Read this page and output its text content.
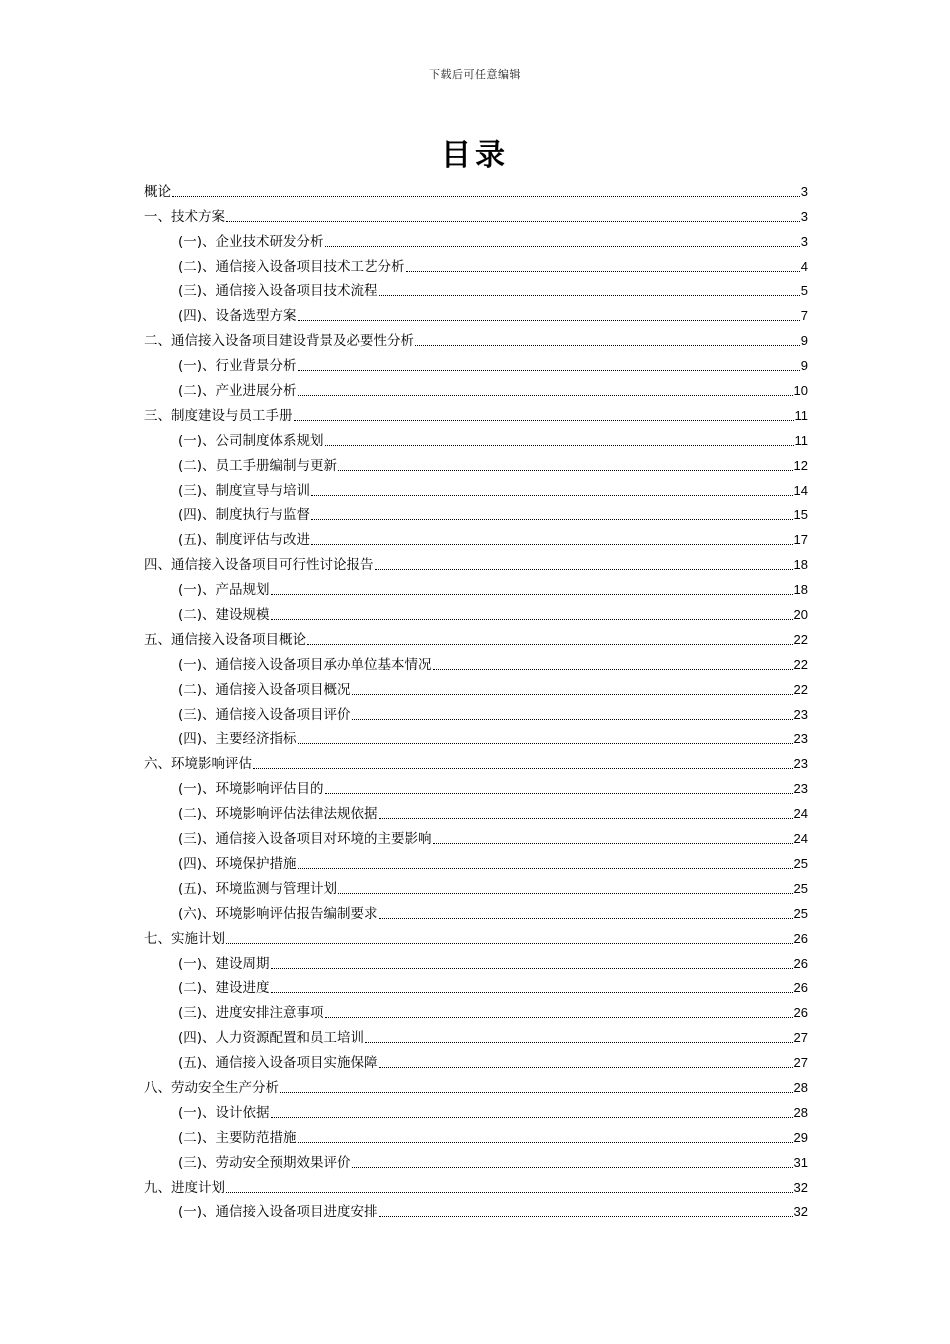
下载后可任意编辑
目录
概论	3
一、技术方案	3
(一)、企业技术研发分析	3
(二)、通信接入设备项目技术工艺分析	4
(三)、通信接入设备项目技术流程	5
(四)、设备选型方案	7
二、通信接入设备项目建设背景及必要性分析	9
(一)、行业背景分析	9
(二)、产业进展分析	10
三、制度建设与员工手册	11
(一)、公司制度体系规划	11
(二)、员工手册编制与更新	12
(三)、制度宣导与培训	14
(四)、制度执行与监督	15
(五)、制度评估与改进	17
四、通信接入设备项目可行性讨论报告	18
(一)、产品规划	18
(二)、建设规模	20
五、通信接入设备项目概论	22
(一)、通信接入设备项目承办单位基本情况	22
(二)、通信接入设备项目概况	22
(三)、通信接入设备项目评价	23
(四)、主要经济指标	23
六、环境影响评估	23
(一)、环境影响评估目的	23
(二)、环境影响评估法律法规依据	24
(三)、通信接入设备项目对环境的主要影响	24
(四)、环境保护措施	25
(五)、环境监测与管理计划	25
(六)、环境影响评估报告编制要求	25
七、实施计划	26
(一)、建设周期	26
(二)、建设进度	26
(三)、进度安排注意事项	26
(四)、人力资源配置和员工培训	27
(五)、通信接入设备项目实施保障	27
八、劳动安全生产分析	28
(一)、设计依据	28
(二)、主要防范措施	29
(三)、劳动安全预期效果评价	31
九、进度计划	32
(一)、通信接入设备项目进度安排	32
